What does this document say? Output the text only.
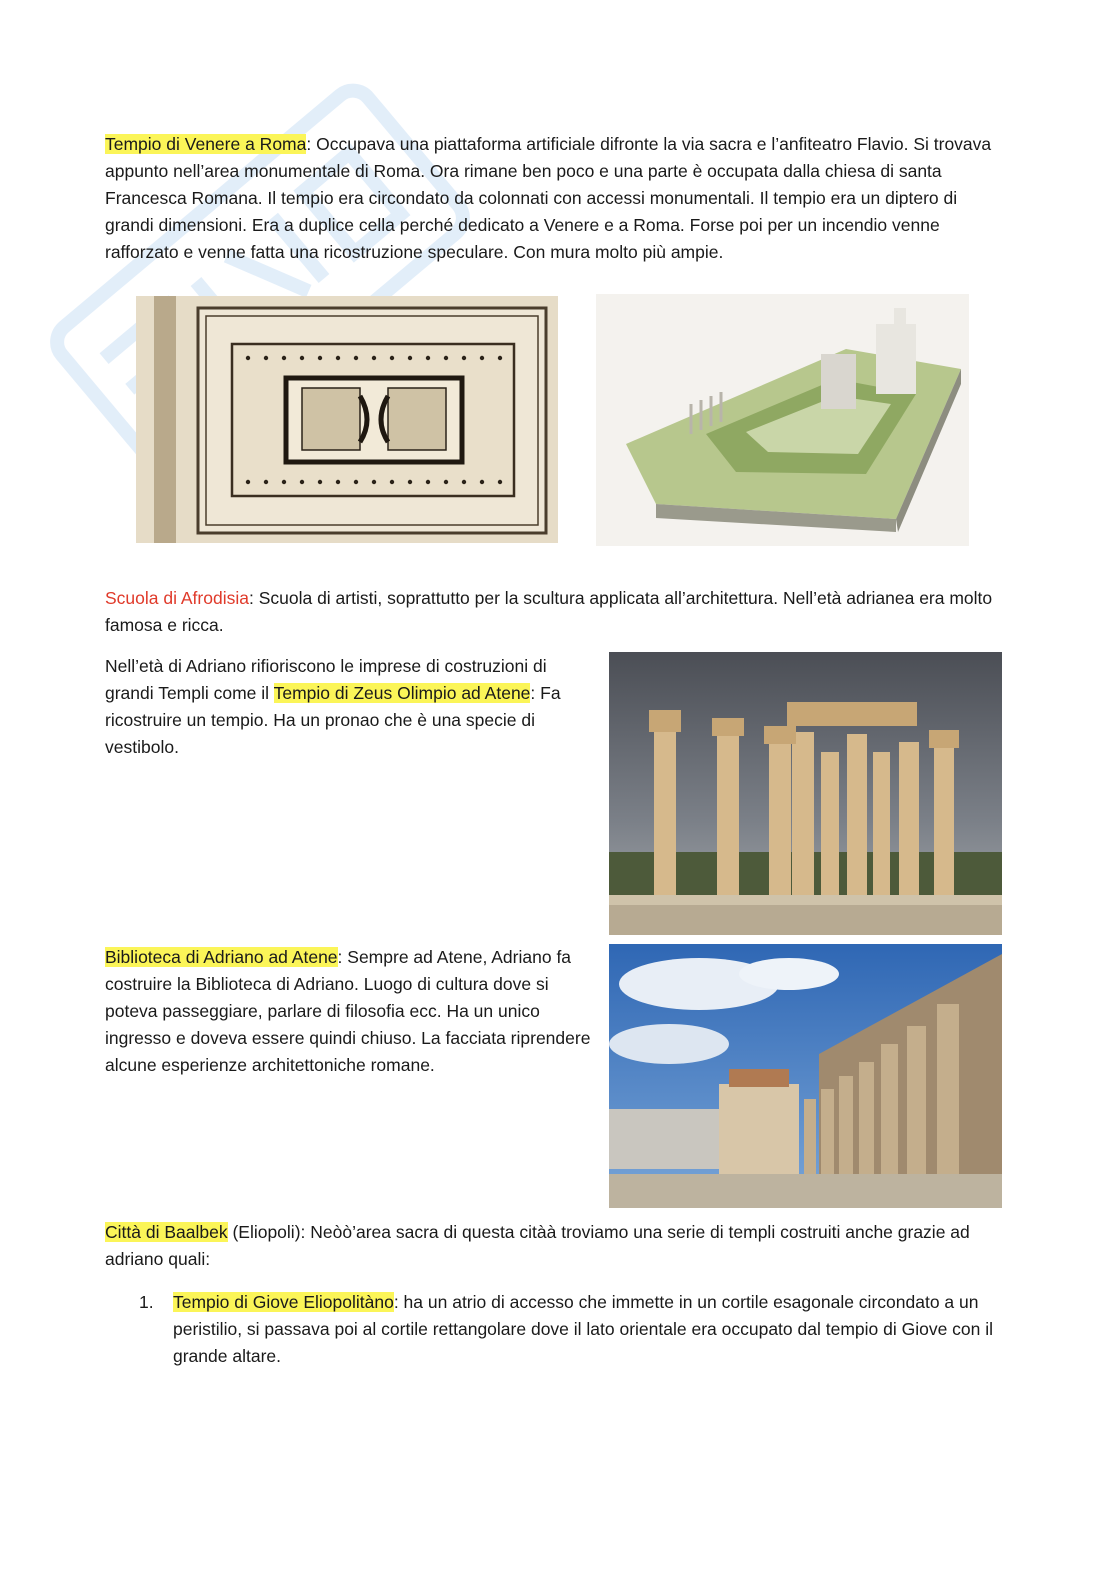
Tempio di Venere a Roma: Occupava una piattaforma artificiale difronte la via sacra e l’anfiteatro Flavio. Si trovava appunto nell’area monumentale di Roma. Ora rimane ben poco e una parte è occupata dalla chiesa di santa Francesca Romana. Il tempio era circondato da colonnati con accessi monumentali. Il tempio era un diptero di grandi dimensioni. Era a duplice cella perché dedicato a Venere e a Roma. Forse poi per un incendio venne rafforzato e venne fatta una ricostruzione speculare. Con mura molto più ampie.

Scuola di Afrodisia: Scuola di artisti, soprattutto per la scultura applicata all’architettura. Nell’età adrianea era molto famosa e ricca.

Nell’età di Adriano rifioriscono le imprese di costruzioni di grandi Templi come il Tempio di Zeus Olimpio ad Atene: Fa ricostruire un tempio. Ha un pronao che è una specie di vestibolo.

Biblioteca di Adriano ad Atene: Sempre ad Atene, Adriano fa costruire la Biblioteca di Adriano. Luogo di cultura dove si poteva passeggiare, parlare di filosofia ecc. Ha un unico ingresso e doveva essere quindi chiuso. La facciata riprendere alcune esperienze architettoniche romane.

Città di Baalbek (Eliopoli): Neòò’area sacra di questa citàà troviamo una serie di templi costruiti anche grazie ad adriano quali:

1. Tempio di Giove Eliopolitàno: ha un atrio di accesso che immette in un cortile esagonale circondato a un peristilio, si passava poi al cortile rettangolare dove il lato orientale era occupato dal tempio di Giove con il grande altare.
